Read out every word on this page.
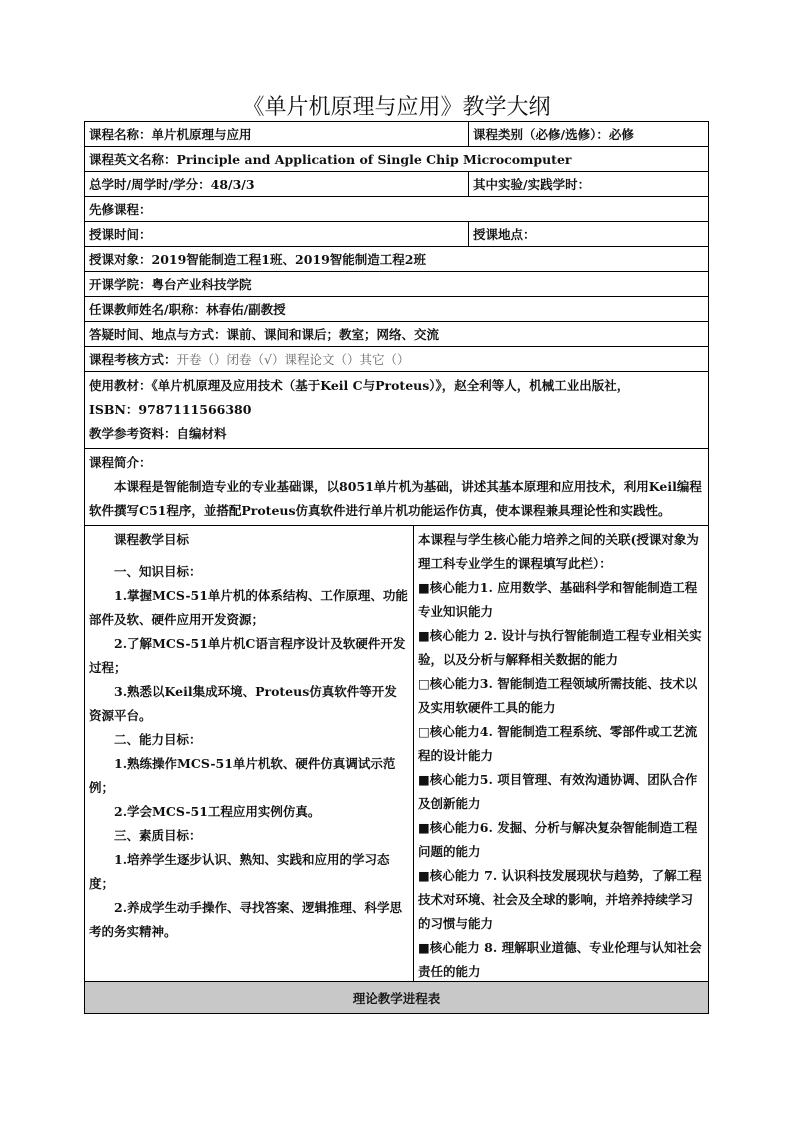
《单片机原理与应用》教学大纲
课程名称： 单片机原理与应用	课程类别（必修/选修）： 必修
课程英文名称： Principle and Application of Single Chip Microcomputer
总学时/周学时/学分： 48/3/3	其中实验/实践学时：
先修课程：
授课时间：	授课地点：
授课对象： 2019智能制造工程1班、2019智能制造工程2班
开课学院： 粤台产业科技学院
任课教师姓名/职称： 林春佑/副教授
答疑时间、地点与方式： 课前、课间和课后；教室；网络、交流
课程考核方式： 开卷（）闭卷（√）课程论文（）其它（）
使用教材：《单片机原理及应用技术（基于Keil C与Proteus）》，赵全利等人，机械工业出版社，
ISBN：9787111566380
教学参考资料：自编材料
课程简介：
本课程是智能制造专业的专业基础课，以8051单片机为基础，讲述其基本原理和应用技术，利用Keil编程软件撰写C51程序，並搭配Proteus仿真软件进行单片机功能运作仿真，使本课程兼具理论性和实践性。
课程教学目标
一、知识目标：
1.掌握MCS-51单片机的体系结构、工作原理、功能部件及软、硬件应用开发资源；
2.了解MCS-51单片机C语言程序设计及软硬件开发过程；
3.熟悉以Keil集成环境、Proteus仿真软件等开发资源平台。
二、能力目标：
1.熟练操作MCS-51单片机软、硬件仿真调试示范例；
2.学会MCS-51工程应用实例仿真。
三、素质目标：
1.培养学生逐步认识、熟知、实践和应用的学习态度；
2.养成学生动手操作、寻找答案、逻辑推理、科学思考的务实精神。
本课程与学生核心能力培养之间的关联(授课对象为理工科专业学生的课程填写此栏）：
■核心能力1. 应用数学、基础科学和智能制造工程专业知识能力
■核心能力 2. 设计与执行智能制造工程专业相关实验，以及分析与解释相关数据的能力
□核心能力3. 智能制造工程领域所需技能、技术以及实用软硬件工具的能力
□核心能力4. 智能制造工程系统、零部件或工艺流程的设计能力
■核心能力5. 项目管理、有效沟通协调、团队合作及创新能力
■核心能力6. 发掘、分析与解决复杂智能制造工程问题的能力
■核心能力 7. 认识科技发展现状与趋势，了解工程技术对环境、社会及全球的影响，并培养持续学习的习惯与能力
■核心能力 8. 理解职业道德、专业伦理与认知社会责任的能力
理论教学进程表
